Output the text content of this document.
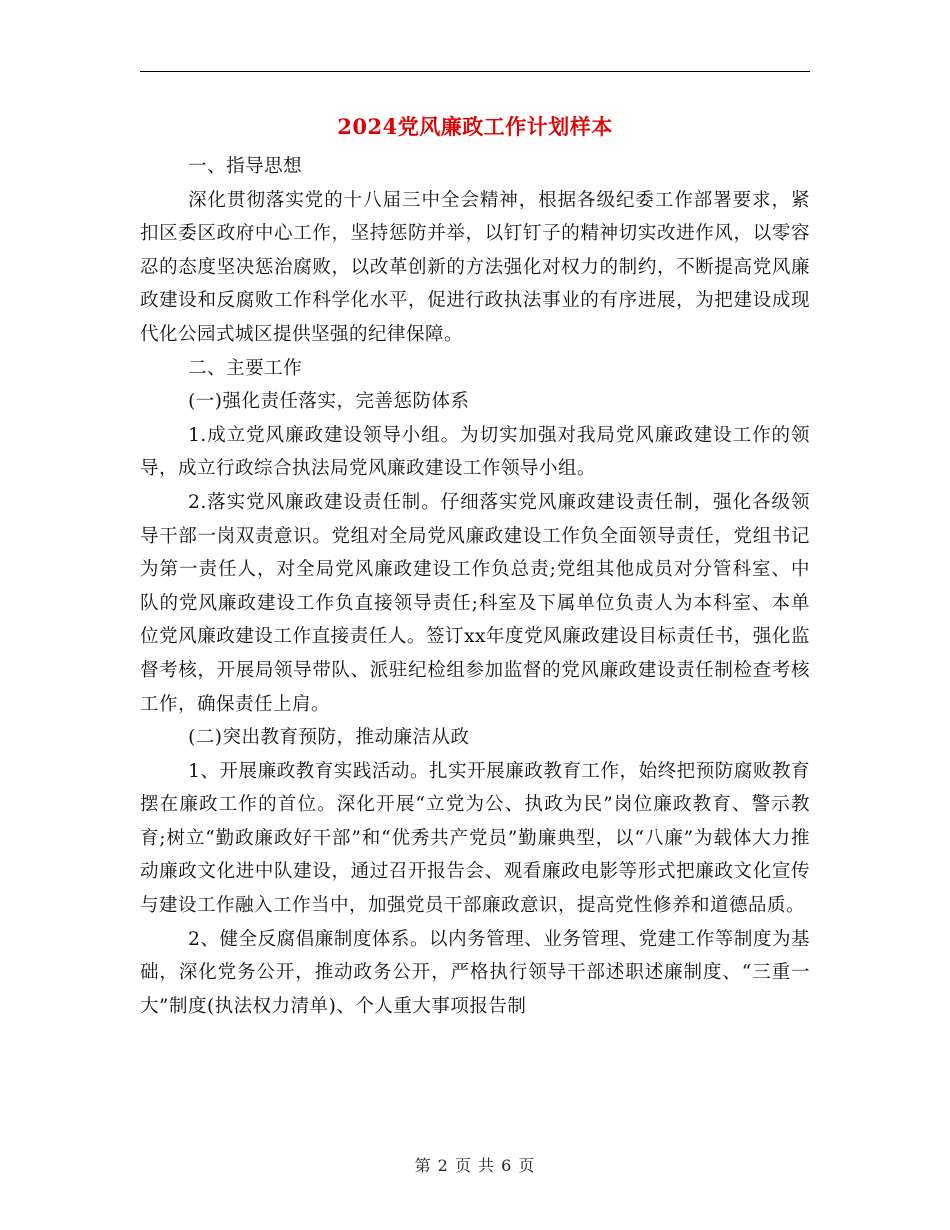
2024党风廉政工作计划样本

一、指导思想

深化贯彻落实党的十八届三中全会精神，根据各级纪委工作部署要求，紧扣区委区政府中心工作，坚持惩防并举，以钉钉子的精神切实改进作风，以零容忍的态度坚决惩治腐败，以改革创新的方法强化对权力的制约，不断提高党风廉政建设和反腐败工作科学化水平，促进行政执法事业的有序进展，为把建设成现代化公园式城区提供坚强的纪律保障。

二、主要工作

(一)强化责任落实，完善惩防体系

1.成立党风廉政建设领导小组。为切实加强对我局党风廉政建设工作的领导，成立行政综合执法局党风廉政建设工作领导小组。

2.落实党风廉政建设责任制。仔细落实党风廉政建设责任制，强化各级领导干部一岗双责意识。党组对全局党风廉政建设工作负全面领导责任，党组书记为第一责任人，对全局党风廉政建设工作负总责;党组其他成员对分管科室、中队的党风廉政建设工作负直接领导责任;科室及下属单位负责人为本科室、本单位党风廉政建设工作直接责任人。签订xx年度党风廉政建设目标责任书，强化监督考核，开展局领导带队、派驻纪检组参加监督的党风廉政建设责任制检查考核工作，确保责任上肩。

(二)突出教育预防，推动廉洁从政

1、开展廉政教育实践活动。扎实开展廉政教育工作，始终把预防腐败教育摆在廉政工作的首位。深化开展“立党为公、执政为民”岗位廉政教育、警示教育;树立“勤政廉政好干部”和“优秀共产党员”勤廉典型，以“八廉”为载体大力推动廉政文化进中队建设，通过召开报告会、观看廉政电影等形式把廉政文化宣传与建设工作融入工作当中，加强党员干部廉政意识，提高党性修养和道德品质。

2、健全反腐倡廉制度体系。以内务管理、业务管理、党建工作等制度为基础，深化党务公开，推动政务公开，严格执行领导干部述职述廉制度、“三重一大”制度(执法权力清单)、个人重大事项报告制

第 2 页 共 6 页
